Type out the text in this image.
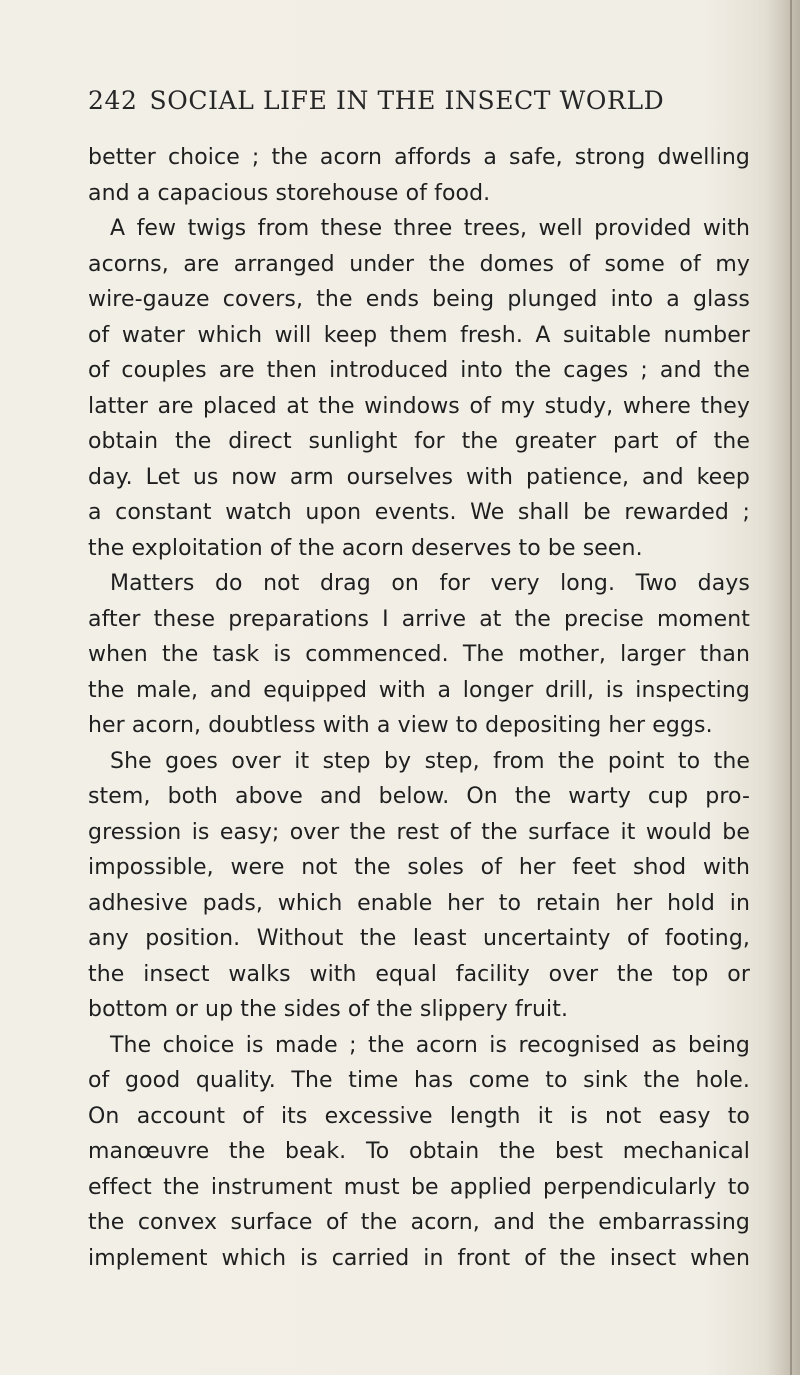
242 SOCIAL LIFE IN THE INSECT WORLD
better choice ; the acorn affords a safe, strong dwelling
and a capacious storehouse of food.
A few twigs from these three trees, well provided with
acorns, are arranged under the domes of some of my
wire-gauze covers, the ends being plunged into a glass
of water which will keep them fresh. A suitable number
of couples are then introduced into the cages ; and the
latter are placed at the windows of my study, where they
obtain the direct sunlight for the greater part of the
day. Let us now arm ourselves with patience, and keep
a constant watch upon events. We shall be rewarded ;
the exploitation of the acorn deserves to be seen.
Matters do not drag on for very long. Two days
after these preparations I arrive at the precise moment
when the task is commenced. The mother, larger than
the male, and equipped with a longer drill, is inspecting
her acorn, doubtless with a view to depositing her eggs.
She goes over it step by step, from the point to the
stem, both above and below. On the warty cup pro-
gression is easy; over the rest of the surface it would be
impossible, were not the soles of her feet shod with
adhesive pads, which enable her to retain her hold in
any position. Without the least uncertainty of footing,
the insect walks with equal facility over the top or
bottom or up the sides of the slippery fruit.
The choice is made ; the acorn is recognised as being
of good quality. The time has come to sink the hole.
On account of its excessive length it is not easy to
manœuvre the beak. To obtain the best mechanical
effect the instrument must be applied perpendicularly to
the convex surface of the acorn, and the embarrassing
implement which is carried in front of the insect when
